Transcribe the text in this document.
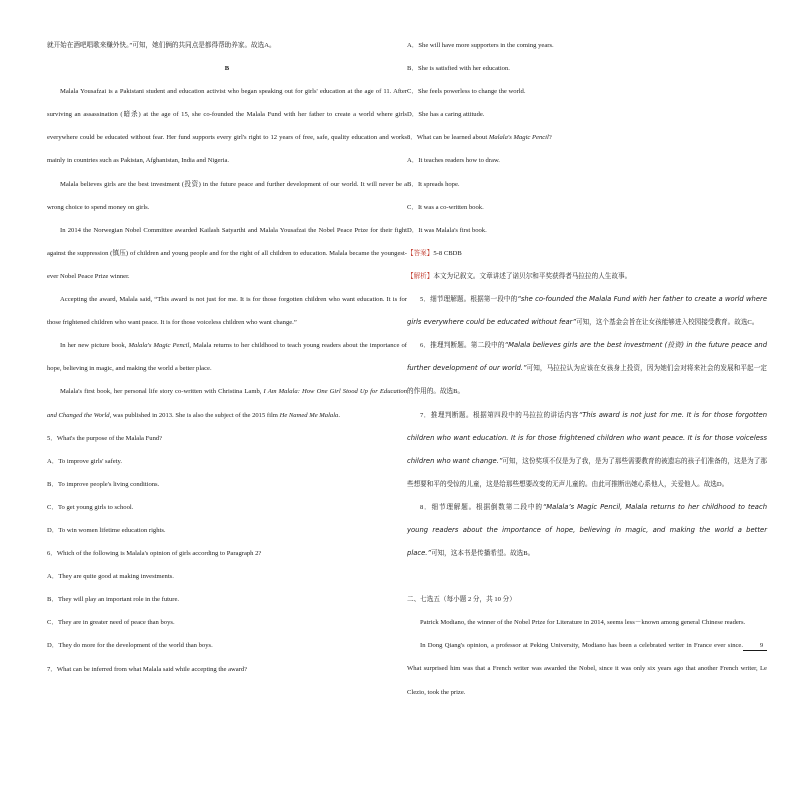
就开始在酒吧唱歌来赚外快。”可知，她们俩的共同点是都得帮助养家。故选A。

B

Malala Yousafzai is a Pakistani student and education activist who began speaking out for girls' education at the age of 11. After surviving an assassination (暗杀) at the age of 15, she co-founded the Malala Fund with her father to create a world where girls everywhere could be educated without fear. Her fund supports every girl's right to 12 years of free, safe, quality education and works mainly in countries such as Pakistan, Afghanistan, India and Nigeria.

Malala believes girls are the best investment (投资) in the future peace and further development of our world. It will never be a wrong choice to spend money on girls.

In 2014 the Norwegian Nobel Committee awarded Kailash Satyarthi and Malala Yousafzai the Nobel Peace Prize for their fight against the suppression (镇压) of children and young people and for the right of all children to education. Malala became the youngest-ever Nobel Peace Prize winner.

Accepting the award, Malala said, “This award is not just for me. It is for those forgotten children who want education. It is for those frightened children who want peace. It is for those voiceless children who want change.”

In her new picture book, Malala's Magic Pencil, Malala returns to her childhood to teach young readers about the importance of hope, believing in magic, and making the world a better place.

Malala's first book, her personal life story co-written with Christina Lamb, I Am Malala: How One Girl Stood Up for Education and Changed the World, was published in 2013. She is also the subject of the 2015 film He Named Me Malala.

5．What's the purpose of the Malala Fund?

A．To improve girls' safety.

B．To improve people's living conditions.

C．To get young girls to school.

D．To win women lifetime education rights.

6．Which of the following is Malala's opinion of girls according to Paragraph 2?

A．They are quite good at making investments.

B．They will play an important role in the future.

C．They are in greater need of peace than boys.

D．They do more for the development of the world than boys.

7．What can be inferred from what Malala said while accepting the award?

A．She will have more supporters in the coming years.

B．She is satisfied with her education.

C．She feels powerless to change the world.

D．She has a caring attitude.

8．What can be learned about Malala's Magic Pencil?

A．It teaches readers how to draw.

B．It spreads hope.

C．It was a co-written book.

D．It was Malala's first book.

【答案】5-8 CBDB

【解析】本文为记叙文。文章讲述了诺贝尔和平奖获得者马拉拉的人生故事。

5．细节理解题。根据第一段中的“she co-founded the Malala Fund with her father to create a world where girls everywhere could be educated without fear”可知，这个基金会旨在让女孩能够进入校园接受教育。故选C。

6．推理判断题。第二段中的“Malala believes girls are the best investment (投资) in the future peace and further development of our world.”可知，马拉拉认为应该在女孩身上投资，因为她们会对将来社会的发展和平起一定的作用的。故选B。

7．推理判断题。根据第四段中的马拉拉的讲话内容“This award is not just for me. It is for those forgotten children who want education. It is for those frightened children who want peace. It is for those voiceless children who want change.”可知，这份奖项不仅是为了我，是为了那些需要教育的被遗忘的孩子们准备的，这是为了那些想要和平的受惊的儿童，这是给那些想要改变的无声儿童的。由此可推断出她心系他人，关爱他人。故选D。

8．细节理解题。根据倒数第二段中的“Malala’s Magic Pencil, Malala returns to her childhood to teach young readers about the importance of hope, believing in magic, and making the world a better place.”可知，这本书是传播希望。故选B。

二、七选五（每小题 2 分，共 10 分）

Patrick Modiano, the winner of the Nobel Prize for Literature in 2014, seems less－known among general Chinese readers.

In Dong Qiang's opinion, a professor at Peking University, Modiano has been a celebrated writer in France ever since.	9What surprised him was that a French writer was awarded the Nobel, since it was only six years ago that another French writer, Le Clezio, took the prize.
